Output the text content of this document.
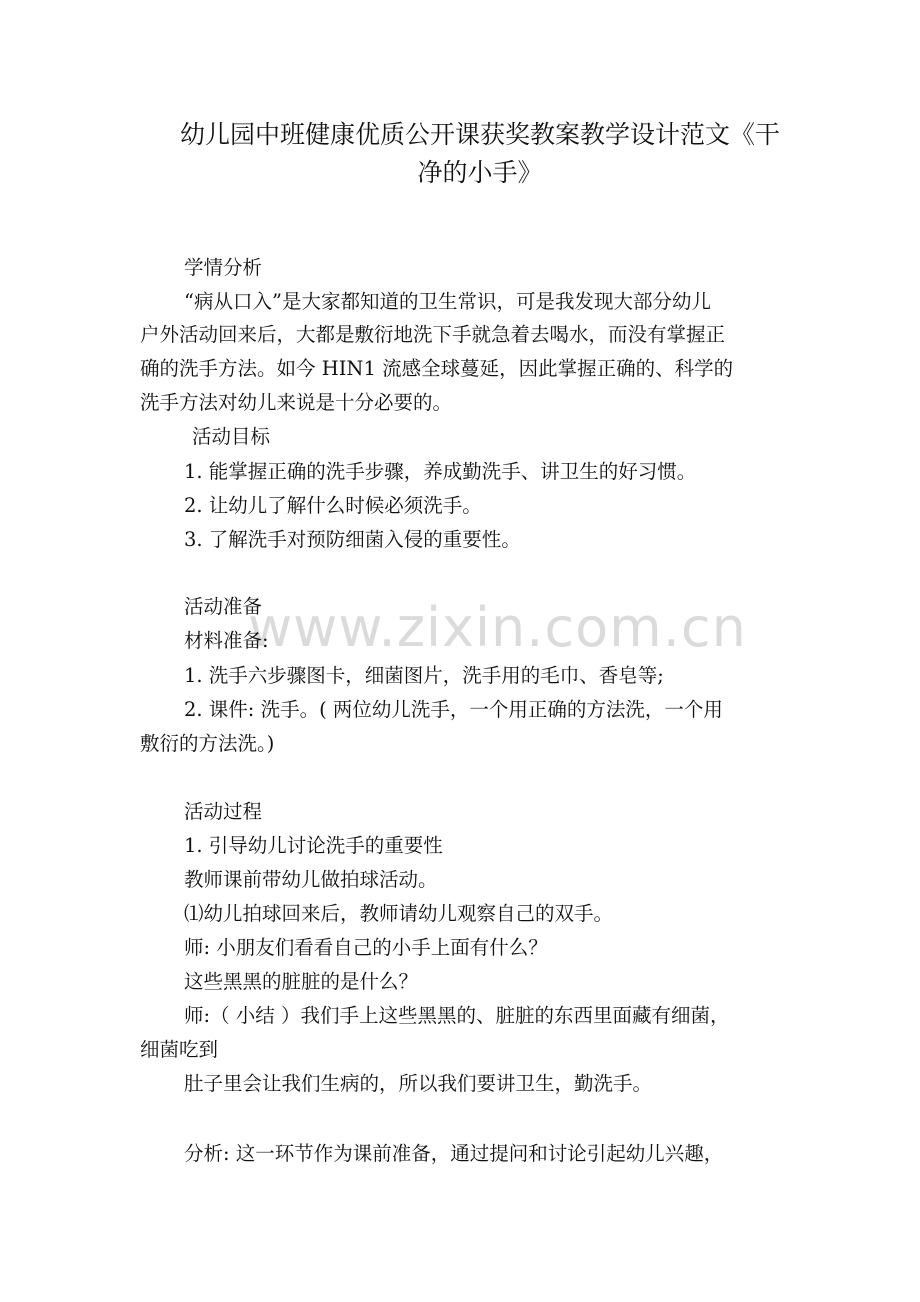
幼儿园中班健康优质公开课获奖教案教学设计范文《干
净的小手》
www.zixin.com.cn
学情分析
“病从口入”是大家都知道的卫生常识，可是我发现大部分幼儿
户外活动回来后，大都是敷衍地洗下手就急着去喝水，而没有掌握正
确的洗手方法。如今 HIN1 流感全球蔓延，因此掌握正确的、科学的
洗手方法对幼儿来说是十分必要的。
活动目标
1. 能掌握正确的洗手步骤，养成勤洗手、讲卫生的好习惯。
2. 让幼儿了解什么时候必须洗手。
3. 了解洗手对预防细菌入侵的重要性。
活动准备
材料准备:
1. 洗手六步骤图卡，细菌图片，洗手用的毛巾、香皂等;
2. 课件: 洗手。( 两位幼儿洗手，一个用正确的方法洗，一个用
敷衍的方法洗。)
活动过程
1. 引导幼儿讨论洗手的重要性
教师课前带幼儿做拍球活动。
⑴幼儿拍球回来后，教师请幼儿观察自己的双手。
师: 小朋友们看看自己的小手上面有什么？
这些黑黑的脏脏的是什么？
师:（ 小结 ）我们手上这些黑黑的、脏脏的东西里面藏有细菌，
细菌吃到
肚子里会让我们生病的，所以我们要讲卫生，勤洗手。
分析: 这一环节作为课前准备，通过提问和讨论引起幼儿兴趣，
